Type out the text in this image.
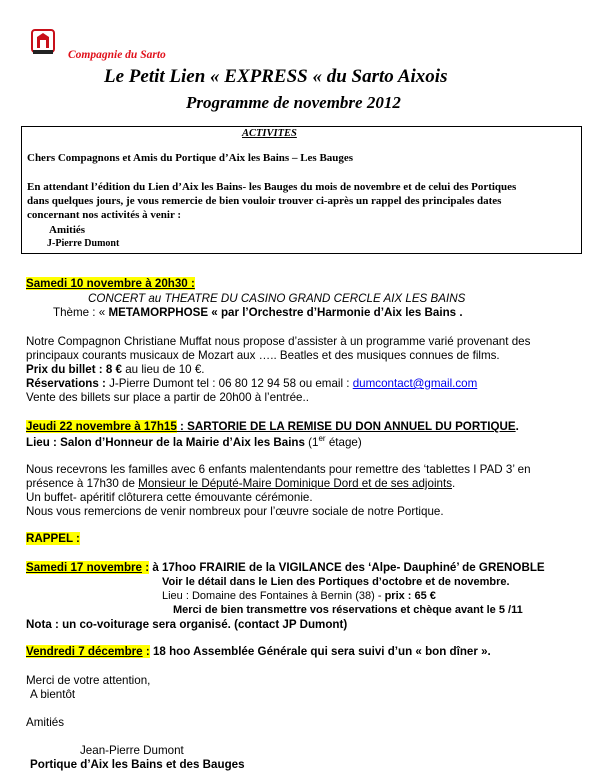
Compagnie du Sarto
Le Petit Lien « EXPRESS « du Sarto Aixois
Programme de novembre 2012
ACTIVITES
Chers Compagnons et Amis du Portique d’Aix les Bains – Les Bauges
En attendant l’édition du Lien d’Aix les Bains- les Bauges du mois de novembre et de celui des Portiques
dans quelques jours, je vous remercie de bien vouloir trouver ci-après un rappel des principales dates
concernant nos activités à venir :
Amitiés
J-Pierre Dumont
Samedi 10 novembre à 20h30 :
CONCERT au THEATRE DU CASINO GRAND CERCLE AIX LES BAINS
Thème : « METAMORPHOSE « par l’Orchestre d’Harmonie d’Aix les Bains .
Notre Compagnon Christiane Muffat nous propose d’assister à un programme varié provenant des
principaux courants musicaux de Mozart aux ….. Beatles et des musiques connues de films.
Prix du billet : 8 € au lieu de 10 €.
Réservations : J-Pierre Dumont tel : 06 80 12 94 58 ou email : dumcontact@gmail.com
Vente des billets sur place a partir de 20h00 à l’entrée..
Jeudi 22 novembre à 17h15 : SARTORIE DE LA REMISE DU DON ANNUEL DU PORTIQUE.
Lieu : Salon d’Honneur de la Mairie d’Aix les Bains (1er étage)
Nous recevrons les familles avec 6 enfants malentendants pour remettre des ‘tablettes I PAD 3’ en
présence à 17h30 de Monsieur le Député-Maire Dominique Dord et de ses adjoints.
Un buffet- apéritif clôturera cette émouvante cérémonie.
Nous vous remercions de venir nombreux pour l’œuvre sociale de notre Portique.
RAPPEL :
Samedi 17 novembre : à 17hoo FRAIRIE de la VIGILANCE des ‘Alpe- Dauphiné’ de GRENOBLE
Voir le détail dans le Lien des Portiques d’octobre et de novembre.
Lieu : Domaine des Fontaines à Bernin (38) - prix : 65 €
Merci de bien transmettre vos réservations et chèque avant le 5 /11
Nota : un co-voiturage sera organisé. (contact JP Dumont)
Vendredi 7 décembre : 18 hoo Assemblée Générale qui sera suivi d’un « bon dîner ».
Merci de votre attention,
A bientôt
Amitiés
Jean-Pierre Dumont
Portique d’Aix les Bains et des Bauges
